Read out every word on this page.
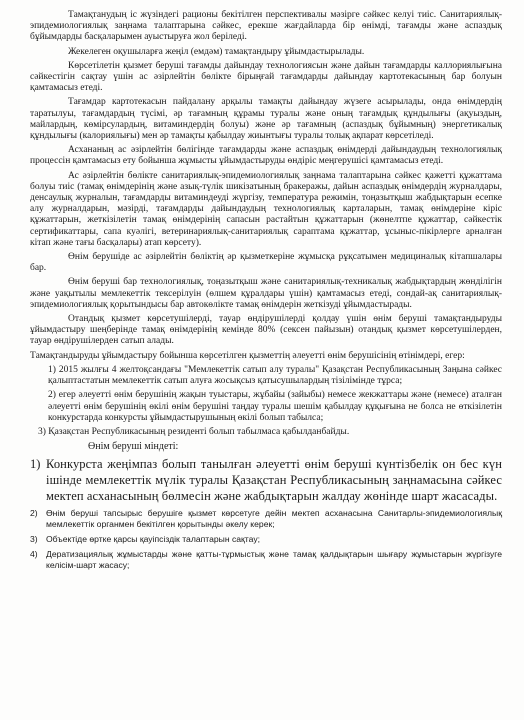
Тамақтанудың іс жүзіндегі рационы бекітілген перспективалы мәзірге сәйкес келуі тиіс. Санитариялық-эпидемиологиялық заңнама талаптарына сәйкес, ерекше жағдайларда бір өнімді, тағамды және аспаздық бұйымдарды басқаларымен ауыстыруға жол беріледі.

Жекелеген оқушыларға жеңіл (емдәм) тамақтандыру ұйымдастырылады.

Көрсетілетін қызмет берушi тағамды дайындау технологиясын және дайын тағамдарды каллориялығына сәйкестігін сақтау үшін ас әзірлейтін бөлікте бірыңғай тағамдарды дайындау картотекасының бар болуын қамтамасыз етеді.

Тағамдар картотекасын пайдалану арқылы тамақты дайындау жүзеге асырылады, онда өнімдердің таратылуы, тағамдардың түсімі, әр тағамның құрамы туралы және оның тағамдық құндылығы (ақуыздың, майлардың, көмірсулардың, витаминдердің болуы) және әр тағамның (аспаздық бұйымның) энергетикалық құндылығы (калориялығы) мен әр тамақты қабылдау жиынтығы туралы толық ақпарат көрсетіледі.

Асхананың ас әзірлейтін бөлігінде тағамдарды және аспаздық өнімдерді дайындаудың технологиялық процессін қамтамасыз ету бойынша жұмысты ұйымдастыруды өндіріс меңгерушісі қамтамасыз етеді.

Ас әзірлейтін бөлікте санитариялық-эпидемиологиялық заңнама талаптарына сәйкес қажетті құжаттама болуы тиіс (тамақ өнімдерінің және азық-түлік шикізатының бракеражы, дайын аспаздық өнімдердің журналдары, денсаулық журналын, тағамдарды витаминдеуді жүргізу, температура режимін, тоңазытқыш жабдықтарын есепке алу журналдарын, мәзірді, тағамдарды дайындаудың технологиялық карталарын, тамақ өнімдеріне кіріс құжаттарын, жеткізілетін тамақ өнімдерінің сапасын растайтын құжаттарын (жөнелтпе құжаттар, сәйкестік сертификаттары, сапа куәлігі, ветеринариялық-санитариялық сараптама құжаттар, ұсыныс-пікірлерге арналған кітап және тағы басқалары) атап көрсету).

Өнім берушіде ас әзірлейтін бөліктің әр қызметкеріне жұмысқа рұқсатымен медициналық кітапшалары бар.

Өнім беруші бар технологиялық, тоңазытқыш және санитариялық-техникалық жабдықтардың жөнділігін және уақытылы мемлекеттік тексерілуін (өлшем құралдары үшін) қамтамасыз етеді, сондай-ақ санитариялық-эпидемиологиялық қорытындысы бар автокөлікте тамақ өнімдерін жеткізуді ұйымдастырады.

Отандық қызмет көрсетушілерді, тауар өндірушілерді қолдау үшін өнім беруші тамақтандыруды ұйымдастыру шеңберінде тамақ өнімдерінің кемінде 80% (сексен пайызын) отандық қызмет көрсетушілерден, тауар өндірушілерден сатып алады.

Тамақтандыруды ұйымдастыру бойынша көрсетілген қызметтің әлеуетті өнім берушісінің өтінімдері, егер:

1) 2015 жылғы 4 желтоқсандағы "Мемлекеттік сатып алу туралы" Қазақстан Республикасының Заңына сәйкес қалыптастатын мемлекеттік сатып алуға жосықсыз қатысушылардың тізілімінде тұрса;

2) егер әлеуетті өнім берушінің жақын туыстары, жұбайы (зайыбы) немесе жекжаттары және (немесе) аталған әлеуетті өнім берушінің өкілі өнім берушіні таңдау туралы шешім қабылдау құқығына не болса не өткізілетін конкурстарда конкурсты ұйымдастырушының өкілі болып табылса;

3) Қазақстан Республикасының резиденті болып табылмаса қабылданбайды.

Өнім беруші міндеті:
1) Конкурста жеңімпаз болып танылған әлеуетті өнім беруші күнтізбелік он бес күн ішінде мемлекеттік мүлік туралы Қазақстан Республикасының заңнамасына сәйкес мектеп асханасының бөлмесін және жабдықтарын жалдау жөнінде шарт жасасады.
2) Өнім беруші тапсырыс берушіге қызмет көрсетуге дейін мектеп асханасына Санитарлы-эпидемиологиялық мемлекеттік органмен бекітілген қорытынды әкелу керек;
3) Объектіде өртке қарсы қауіпсіздік талаптарын сақтау;
4) Дератизациялық жұмыстарды және қатты-тұрмыстық және тамақ қалдықтарын шығару жұмыстарын жүргізуге келісім-шарт жасасу;
